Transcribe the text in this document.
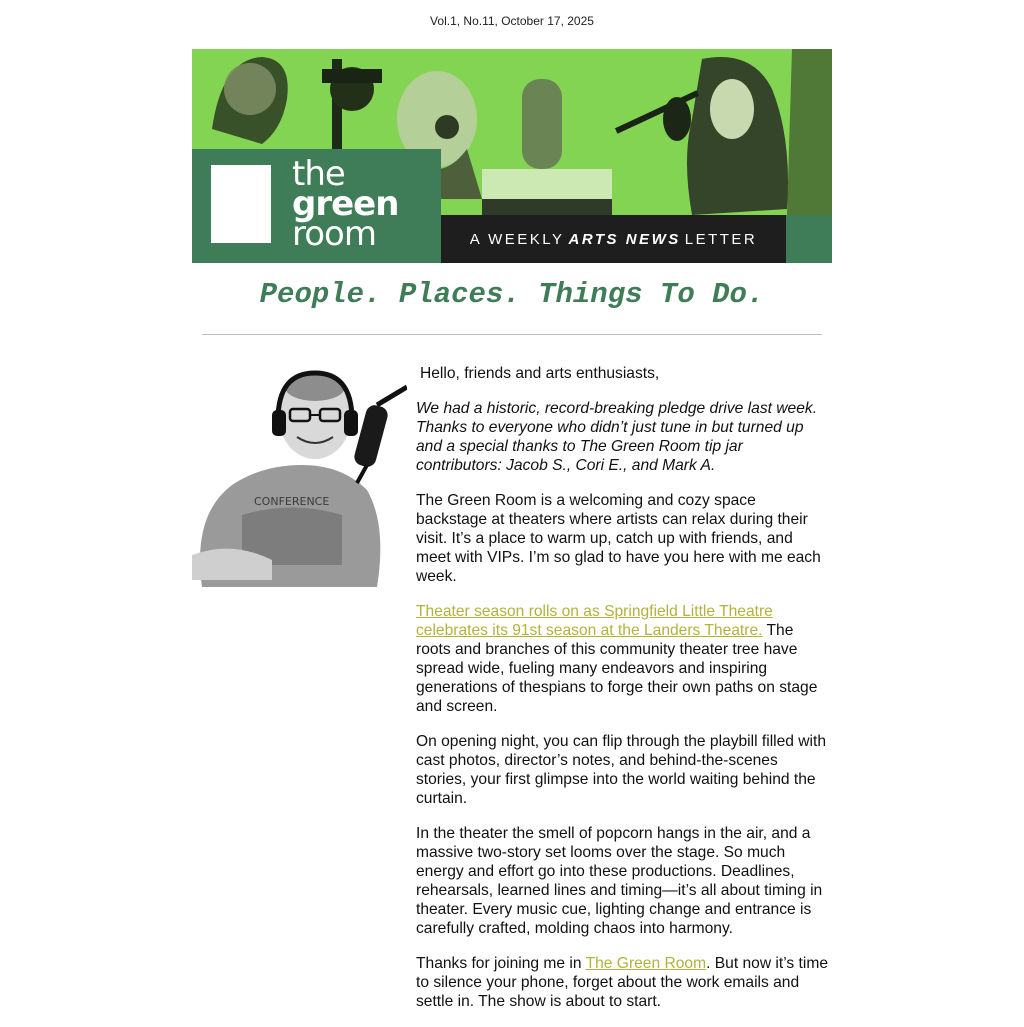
Vol.1, No.11, October 17, 2025
the
green
room	A WEEKLY ARTS NEWS LETTER
People. Places. Things To Do.
CONFERENCE

Hello, friends and arts enthusiasts,

We had a historic, record-breaking pledge drive last week. Thanks to everyone who didn’t just tune in but turned up and a special thanks to The Green Room tip jar contributors: Jacob S., Cori E., and Mark A.

The Green Room is a welcoming and cozy space backstage at theaters where artists can relax during their visit. It’s a place to warm up, catch up with friends, and meet with VIPs. I’m so glad to have you here with me each week.

Theater season rolls on as Springfield Little Theatre celebrates its 91st season at the Landers Theatre. The roots and branches of this community theater tree have spread wide, fueling many endeavors and inspiring generations of thespians to forge their own paths on stage and screen.

On opening night, you can flip through the playbill filled with cast photos, director’s notes, and behind-the-scenes stories, your first glimpse into the world waiting behind the curtain.

In the theater the smell of popcorn hangs in the air, and a massive two-story set looms over the stage. So much energy and effort go into these productions. Deadlines, rehearsals, learned lines and timing—it’s all about timing in theater. Every music cue, lighting change and entrance is carefully crafted, molding chaos into harmony.

Thanks for joining me in The Green Room. But now it’s time to silence your phone, forget about the work emails and settle in. The show is about to start.
